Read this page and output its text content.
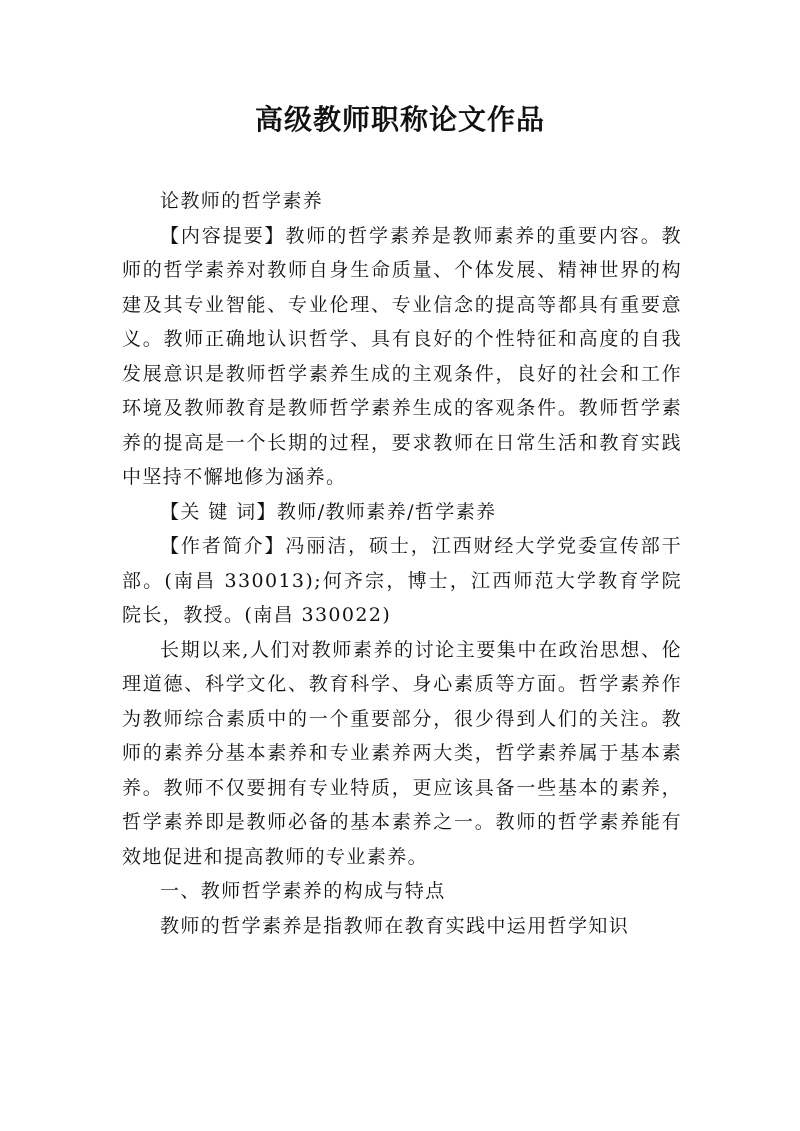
高级教师职称论文作品

论教师的哲学素养

【内容提要】教师的哲学素养是教师素养的重要内容。教师的哲学素养对教师自身生命质量、个体发展、精神世界的构建及其专业智能、专业伦理、专业信念的提高等都具有重要意义。教师正确地认识哲学、具有良好的个性特征和高度的自我发展意识是教师哲学素养生成的主观条件，良好的社会和工作环境及教师教育是教师哲学素养生成的客观条件。教师哲学素养的提高是一个长期的过程，要求教师在日常生活和教育实践中坚持不懈地修为涵养。

【关 键 词】教师/教师素养/哲学素养

【作者简介】冯丽洁，硕士，江西财经大学党委宣传部干部。(南昌 330013);何齐宗，博士，江西师范大学教育学院院长，教授。(南昌 330022)

长期以来,人们对教师素养的讨论主要集中在政治思想、伦理道德、科学文化、教育科学、身心素质等方面。哲学素养作为教师综合素质中的一个重要部分，很少得到人们的关注。教师的素养分基本素养和专业素养两大类，哲学素养属于基本素养。教师不仅要拥有专业特质，更应该具备一些基本的素养，哲学素养即是教师必备的基本素养之一。教师的哲学素养能有效地促进和提高教师的专业素养。

一、教师哲学素养的构成与特点

教师的哲学素养是指教师在教育实践中运用哲学知识
